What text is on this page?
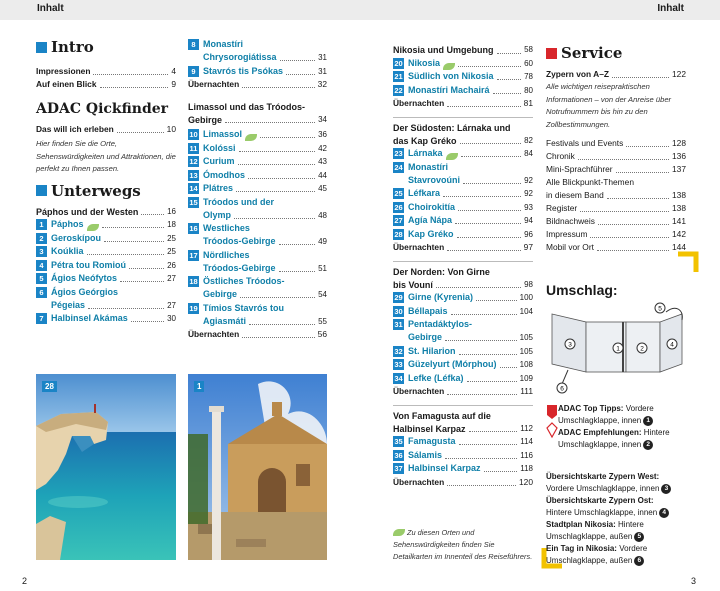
Inhalt	Inhalt
Intro
Impressionen	4
Auf einen Blick	9
ADAC Qickfinder
Das will ich erleben	10
Hier finden Sie die Orte, Sehenswürdigkeiten und Attraktionen, die perfekt zu Ihnen passen.
Unterwegs
Páphos und der Westen	16
1 Páphos	18
2 Geroskípou	25
3 Koúklia	25
4 Pétra tou Romioú	26
5 Ágios Neófytos	27
6 Ágios Geórgios
Pégeias	27
7 Halbinsel Akámas	30
8 Monastíri
Chrysorogiátissa	31
9 Stavrós tis Psókas	31
Übernachten	32
Limassol und das Tróodos-
Gebirge	34
10 Limassol	36
11 Kolóssi	42
12 Curium	43
13 Ómodhos	44
14 Plátres	45
15 Tróodos und der
Olymp	48
16 Westliches
Tróodos-Gebirge	49
17 Nördliches
Tróodos-Gebirge	51
18 Östliches Tróodos-
Gebirge	54
19 Tímios Stavrós tou
Agiasmáti	55
Übernachten	56
28	1
Nikosia und Umgebung	58
20 Nikosia	60
21 Südlich von Nikosia	78
22 Monastíri Machairá	80
Übernachten	81
Der Südosten: Lárnaka und
das Kap Gréko	82
23 Lárnaka	84
24 Monastíri
Stavrovoúni	92
25 Léfkara	92
26 Choirokitía	93
27 Agía Nápa	94
28 Kap Gréko	96
Übernachten	97
Der Norden: Von Girne
bis Vouní	98
29 Girne (Kyrenia)	100
30 Béllapais	104
31 Pentadáktylos-
Gebirge	105
32 St. Hilarion	105
33 Güzelyurt (Mórphou)	108
34 Lefke (Léfka)	109
Übernachten	111
Von Famagusta auf die
Halbinsel Karpaz	112
35 Famagusta	114
36 Sálamis	116
37 Halbinsel Karpaz	118
Übernachten	120
Zu diesen Orten und Sehenswürdigkeiten finden Sie Detailkarten im Innenteil des Reiseführers.
Service
Zypern von A–Z	122
Alle wichtigen reisepraktischen Informationen – von der Anreise über Notrufnummern bis hin zu den Zollbestimmungen.
Festivals und Events	128
Chronik	136
Mini-Sprachführer	137
Alle Blickpunkt-Themen
in diesem Band	138
Register	138
Bildnachweis	141
Impressum	142
Mobil vor Ort	144
Umschlag:
5
3
1	2
4
6
ADAC Top Tipps:
Vordere
Umschlagklappe, innen 1
ADAC Empfehlungen:
Hintere
Umschlagklappe, innen 2
Übersichtskarte Zypern West:
Vordere Umschlagklappe, innen 3
Übersichtskarte Zypern Ost:
Hintere Umschlagklappe, innen 4
Stadtplan Nikosia:
Hintere
Umschlagklappe, außen 5
Ein Tag in Nikosia:
Vordere
Umschlagklappe, außen 6
2	3
